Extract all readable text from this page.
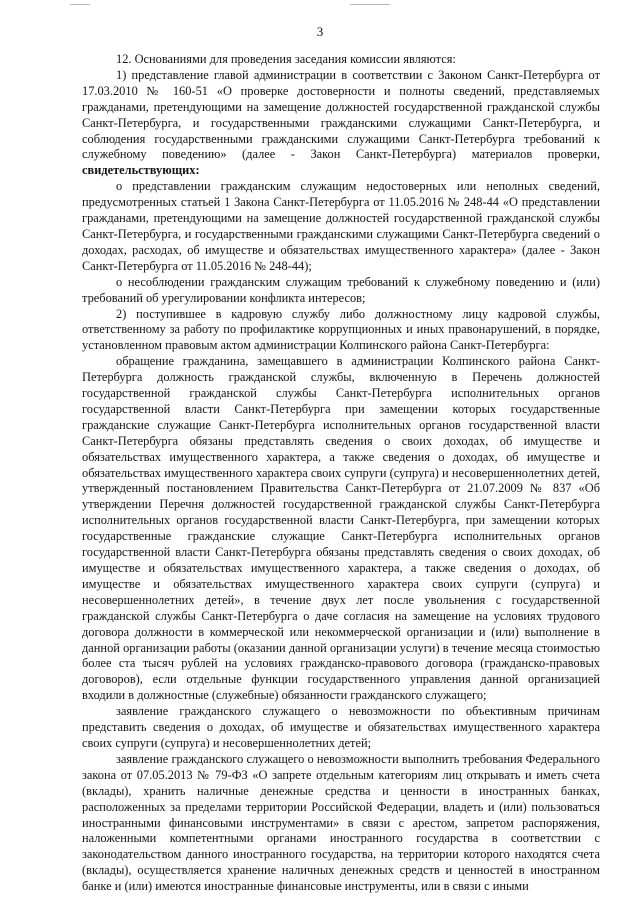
3

12. Основаниями для проведения заседания комиссии являются:

1) представление главой администрации в соответствии с Законом Санкт-Петербурга от 17.03.2010 № 160-51 «О проверке достоверности и полноты сведений, представляемых гражданами, претендующими на замещение должностей государственной гражданской службы Санкт-Петербурга, и государственными гражданскими служащими Санкт-Петербурга, и соблюдения государственными гражданскими служащими Санкт-Петербурга требований к служебному поведению» (далее - Закон Санкт-Петербурга) материалов проверки, свидетельствующих:

о представлении гражданским служащим недостоверных или неполных сведений, предусмотренных статьей 1 Закона Санкт-Петербурга от 11.05.2016 № 248-44 «О представлении гражданами, претендующими на замещение должностей государственной гражданской службы Санкт-Петербурга, и государственными гражданскими служащими Санкт-Петербурга сведений о доходах, расходах, об имуществе и обязательствах имущественного характера» (далее - Закон Санкт-Петербурга от 11.05.2016 № 248-44);

о несоблюдении гражданским служащим требований к служебному поведению и (или) требований об урегулировании конфликта интересов;

2) поступившее в кадровую службу либо должностному лицу кадровой службы, ответственному за работу по профилактике коррупционных и иных правонарушений, в порядке, установленном правовым актом администрации Колпинского района Санкт-Петербурга:

обращение гражданина, замещавшего в администрации Колпинского района Санкт-Петербурга должность гражданской службы, включенную в Перечень должностей государственной гражданской службы Санкт-Петербурга исполнительных органов государственной власти Санкт-Петербурга при замещении которых государственные гражданские служащие Санкт-Петербурга исполнительных органов государственной власти Санкт-Петербурга обязаны представлять сведения о своих доходах, об имуществе и обязательствах имущественного характера, а также сведения о доходах, об имуществе и обязательствах имущественного характера своих супруги (супруга) и несовершеннолетних детей, утвержденный постановлением Правительства Санкт-Петербурга от 21.07.2009 № 837 «Об утверждении Перечня должностей государственной гражданской службы Санкт-Петербурга исполнительных органов государственной власти Санкт-Петербурга, при замещении которых государственные гражданские служащие Санкт-Петербурга исполнительных органов государственной власти Санкт-Петербурга обязаны представлять сведения о своих доходах, об имуществе и обязательствах имущественного характера, а также сведения о доходах, об имуществе и обязательствах имущественного характера своих супруги (супруга) и несовершеннолетних детей», в течение двух лет после увольнения с государственной гражданской службы Санкт-Петербурга о даче согласия на замещение на условиях трудового договора должности в коммерческой или некоммерческой организации и (или) выполнение в данной организации работы (оказании данной организации услуги) в течение месяца стоимостью более ста тысяч рублей на условиях гражданско-правового договора (гражданско-правовых договоров), если отдельные функции государственного управления данной организацией входили в должностные (служебные) обязанности гражданского служащего;

заявление гражданского служащего о невозможности по объективным причинам представить сведения о доходах, об имуществе и обязательствах имущественного характера своих супруги (супруга) и несовершеннолетних детей;

заявление гражданского служащего о невозможности выполнить требования Федерального закона от 07.05.2013 № 79-ФЗ «О запрете отдельным категориям лиц открывать и иметь счета (вклады), хранить наличные денежные средства и ценности в иностранных банках, расположенных за пределами территории Российской Федерации, владеть и (или) пользоваться иностранными финансовыми инструментами» в связи с арестом, запретом распоряжения, наложенными компетентными органами иностранного государства в соответствии с законодательством данного иностранного государства, на территории которого находятся счета (вклады), осуществляется хранение наличных денежных средств и ценностей в иностранном банке и (или) имеются иностранные финансовые инструменты, или в связи с иными
